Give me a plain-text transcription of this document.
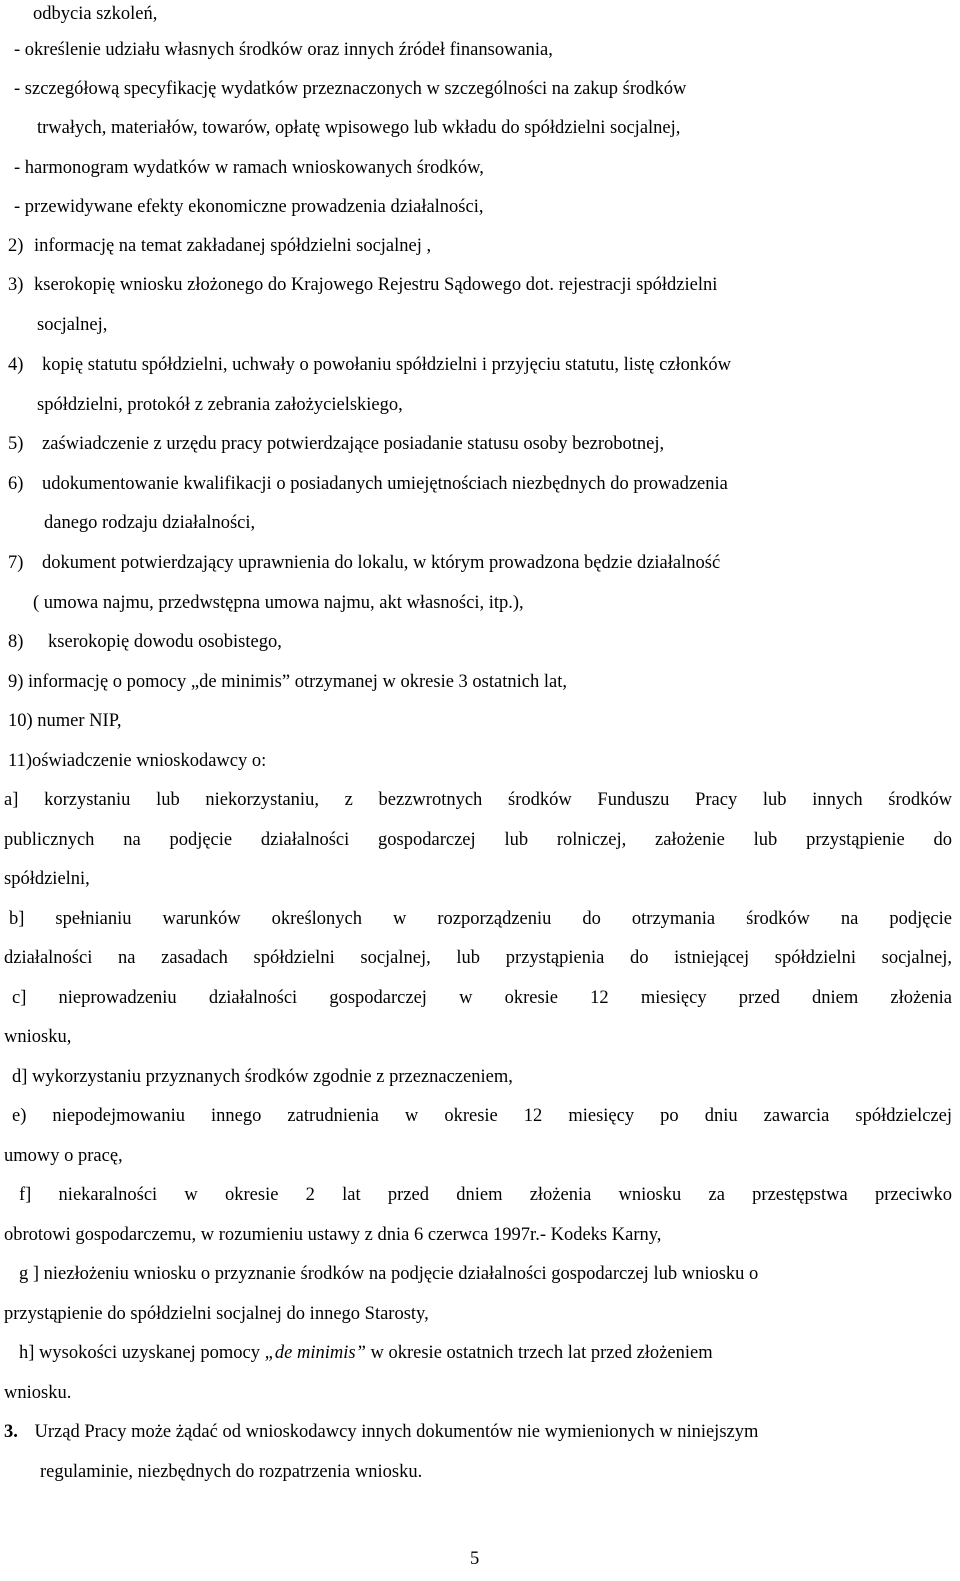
odbycia szkoleń,
- określenie udziału własnych środków oraz innych źródeł finansowania,
- szczegółową specyfikację wydatków przeznaczonych w szczególności na zakup środków
trwałych, materiałów, towarów, opłatę wpisowego lub wkładu do spółdzielni socjalnej,
- harmonogram wydatków w ramach wnioskowanych środków,
- przewidywane efekty ekonomiczne prowadzenia działalności,
2) informację na temat zakładanej spółdzielni socjalnej ,
3) kserokopię wniosku złożonego do Krajowego Rejestru Sądowego dot. rejestracji spółdzielni
socjalnej,
4) kopię statutu spółdzielni, uchwały o powołaniu spółdzielni i przyjęciu statutu, listę członków
spółdzielni, protokół z zebrania założycielskiego,
5) zaświadczenie z urzędu pracy potwierdzające posiadanie statusu osoby bezrobotnej,
6) udokumentowanie kwalifikacji o posiadanych umiejętnościach niezbędnych do prowadzenia
danego rodzaju działalności,
7) dokument potwierdzający uprawnienia do lokalu, w którym prowadzona będzie działalność
( umowa najmu, przedwstępna umowa najmu, akt własności, itp.),
8) kserokopię dowodu osobistego,
9) informację o pomocy „de minimis” otrzymanej w okresie 3 ostatnich lat,
10) numer NIP,
11)oświadczenie wnioskodawcy o:
a] korzystaniu lub niekorzystaniu, z bezzwrotnych środków Funduszu Pracy lub innych środków
publicznych na podjęcie działalności gospodarczej lub rolniczej, założenie lub przystąpienie do
spółdzielni,
b] spełnianiu warunków określonych w rozporządzeniu do otrzymania środków na podjęcie
działalności na zasadach spółdzielni socjalnej, lub przystąpienia do istniejącej spółdzielni socjalnej,
c] nieprowadzeniu działalności gospodarczej w okresie 12 miesięcy przed dniem złożenia
wniosku,
d] wykorzystaniu przyznanych środków zgodnie z przeznaczeniem,
e) niepodejmowaniu innego zatrudnienia w okresie 12 miesięcy po dniu zawarcia spółdzielczej
umowy o pracę,
f] niekaralności w okresie 2 lat przed dniem złożenia wniosku za przestępstwa przeciwko
obrotowi gospodarczemu, w rozumieniu ustawy z dnia 6 czerwca 1997r.- Kodeks Karny,
g ] niezłożeniu wniosku o przyznanie środków na podjęcie działalności gospodarczej lub wniosku o
przystąpienie do spółdzielni socjalnej do innego Starosty,
h] wysokości uzyskanej pomocy „de minimis” w okresie ostatnich trzech lat przed złożeniem
wniosku.
3. Urząd Pracy może żądać od wnioskodawcy innych dokumentów nie wymienionych w niniejszym
regulaminie, niezbędnych do rozpatrzenia wniosku.
5
